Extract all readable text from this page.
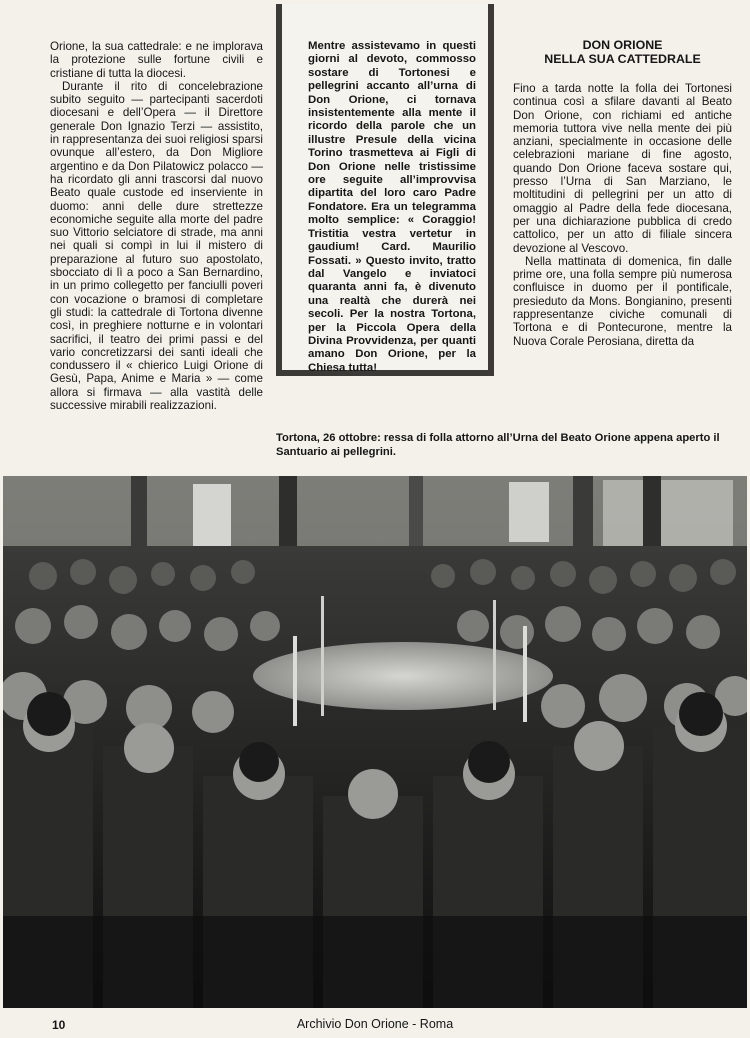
Orione, la sua cattedrale: e ne implorava la protezione sulle fortune civili e cristiane di tutta la diocesi.

Durante il rito di concelebrazione subito seguito — partecipanti sacerdoti diocesani e dell’Opera — il Direttore generale Don Ignazio Terzi — assistito, in rappresentanza dei suoi religiosi sparsi ovunque all’estero, da Don Migliore argentino e da Don Pilatowicz polacco — ha ricordato gli anni trascorsi dal nuovo Beato quale custode ed inserviente in duomo: anni delle dure strettezze economiche seguite alla morte del padre suo Vittorio selciatore di strade, ma anni nei quali si compì in lui il mistero di preparazione al futuro suo apostolato, sbocciato di lì a poco a San Bernardino, in un primo collegetto per fanciulli poveri con vocazione o bramosi di completare gli studi: la cattedrale di Tortona divenne così, in preghiere notturne e in volontari sacrifici, il teatro dei primi passi e del vario concretizzarsi dei santi ideali che condussero il « chierico Luigi Orione di Gesù, Papa, Anime e Maria » — come allora si firmava — alla vastità delle successive mirabili realizzazioni.

Mentre assistevamo in questi giorni al devoto, commosso sostare di Tortonesi e pellegrini accanto all’urna di Don Orione, ci tornava insistentemente alla mente il ricordo della parole che un illustre Presule della vicina Torino trasmetteva ai Figli di Don Orione nelle tristissime ore seguite all’improvvisa dipartita del loro caro Padre Fondatore. Era un telegramma molto semplice: « Coraggio! Tristitia vestra vertetur in gaudium! Card. Maurilio Fossati. » Questo invito, tratto dal Vangelo e inviatoci quaranta anni fa, è divenuto una realtà che durerà nei secoli. Per la nostra Tortona, per la Piccola Opera della Divina Provvidenza, per quanti amano Don Orione, per la Chiesa tutta!
DON ORIONE
NELLA SUA CATTEDRALE

Fino a tarda notte la folla dei Tortonesi continua così a sfilare davanti al Beato Don Orione, con richiami ed antiche memoria tuttora vive nella mente dei più anziani, specialmente in occasione delle celebrazioni mariane di fine agosto, quando Don Orione faceva sostare qui, presso l’Urna di San Marziano, le moltitudini di pellegrini per un atto di omaggio al Padre della fede diocesana, per una dichiarazione pubblica di credo cattolico, per un atto di filiale sincera devozione al Vescovo.

Nella mattinata di domenica, fin dalle prime ore, una folla sempre più numerosa confluisce in duomo per il pontificale, presieduto da Mons. Bongianino, presenti rappresentanze civiche comunali di Tortona e di Pontecurone, mentre la Nuova Corale Perosiana, diretta da

Tortona, 26 ottobre: ressa di folla attorno all’Urna del Beato Orione appena aperto il Santuario ai pellegrini.
10	Archivio Don Orione - Roma
